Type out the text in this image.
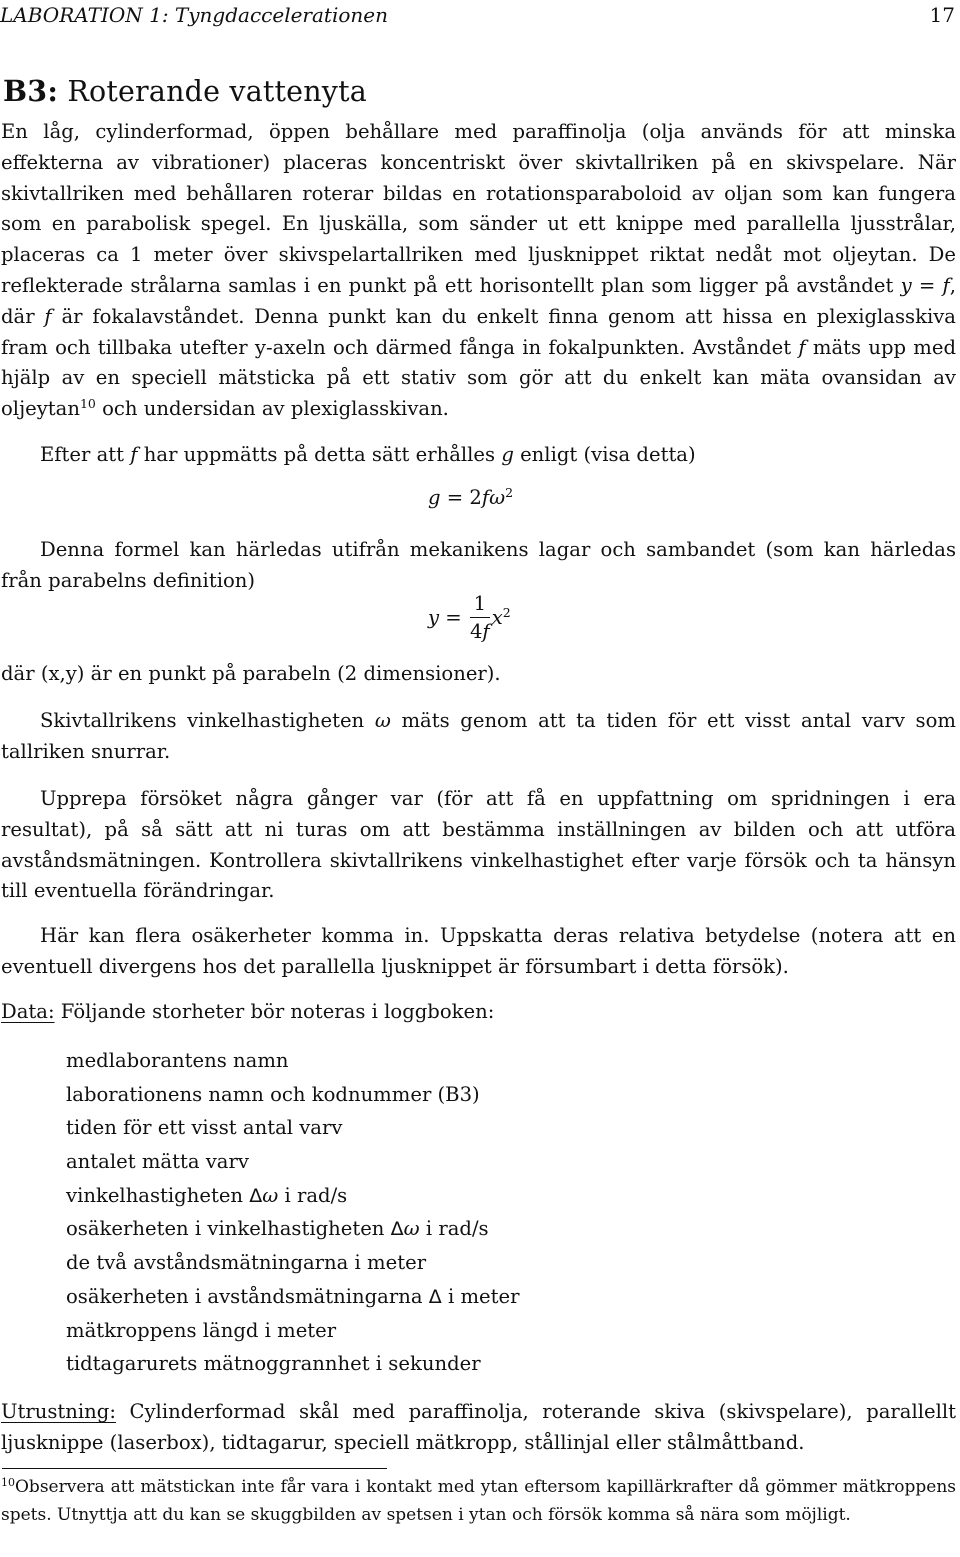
LABORATION 1: Tyngdaccelerationen	17
B3: Roterande vattenyta

En låg, cylinderformad, öppen behållare med paraffinolja (olja används för att minska effekterna av vibrationer) placeras koncentriskt över skivtallriken på en skivspelare. När skivtallriken med behållaren roterar bildas en rotationsparaboloid av oljan som kan fungera som en parabolisk spegel. En ljuskälla, som sänder ut ett knippe med parallella ljusstrålar, placeras ca 1 meter över skivspelartallriken med ljusknippet riktat nedåt mot oljeytan. De reflekterade strålarna samlas i en punkt på ett horisontellt plan som ligger på avståndet y = f, där f är fokalavståndet. Denna punkt kan du enkelt finna genom att hissa en plexiglasskiva fram och tillbaka utefter y-axeln och därmed fånga in fokalpunkten. Avståndet f mäts upp med hjälp av en speciell mätsticka på ett stativ som gör att du enkelt kan mäta ovansidan av oljeytan$^{10}$ och undersidan av plexiglasskivan.

Efter att f har uppmätts på detta sätt erhålles g enligt (visa detta)

$g = 2f\omega^2$

Denna formel kan härledas utifrån mekanikens lagar och sambandet (som kan härledas från parabelns definition)

$y = \frac{1}{4f} x^2$

där (x,y) är en punkt på parabeln (2 dimensioner).

Skivtallrikens vinkelhastigheten ω mäts genom att ta tiden för ett visst antal varv som tallriken snurrar.

Upprepa försöket några gånger var (för att få en uppfattning om spridningen i era resultat), på så sätt att ni turas om att bestämma inställningen av bilden och att utföra avståndsmätningen. Kontrollera skivtallrikens vinkelhastighet efter varje försök och ta hänsyn till eventuella förändringar.

Här kan flera osäkerheter komma in. Uppskatta deras relativa betydelse (notera att en eventuell divergens hos det parallella ljusknippet är försumbart i detta försök).

Data: Följande storheter bör noteras i loggboken:

medlaborantens namn
laborationens namn och kodnummer (B3)
tiden för ett visst antal varv
antalet mätta varv
vinkelhastigheten Δω i rad/s
osäkerheten i vinkelhastigheten Δω i rad/s
de två avståndsmätningarna i meter
osäkerheten i avståndsmätningarna Δ i meter
mätkroppens längd i meter
tidtagarurets mätnoggrannhet i sekunder

Utrustning: Cylinderformad skål med paraffinolja, roterande skiva (skivspelare), parallellt ljusknippe (laserbox), tidtagarur, speciell mätkropp, stållinjal eller stålmåttband.

$^{10}$Observera att mätstickan inte får vara i kontakt med ytan eftersom kapillärkrafter då gömmer mätkroppens spets. Utnyttja att du kan se skuggbilden av spetsen i ytan och försök komma så nära som möjligt.
